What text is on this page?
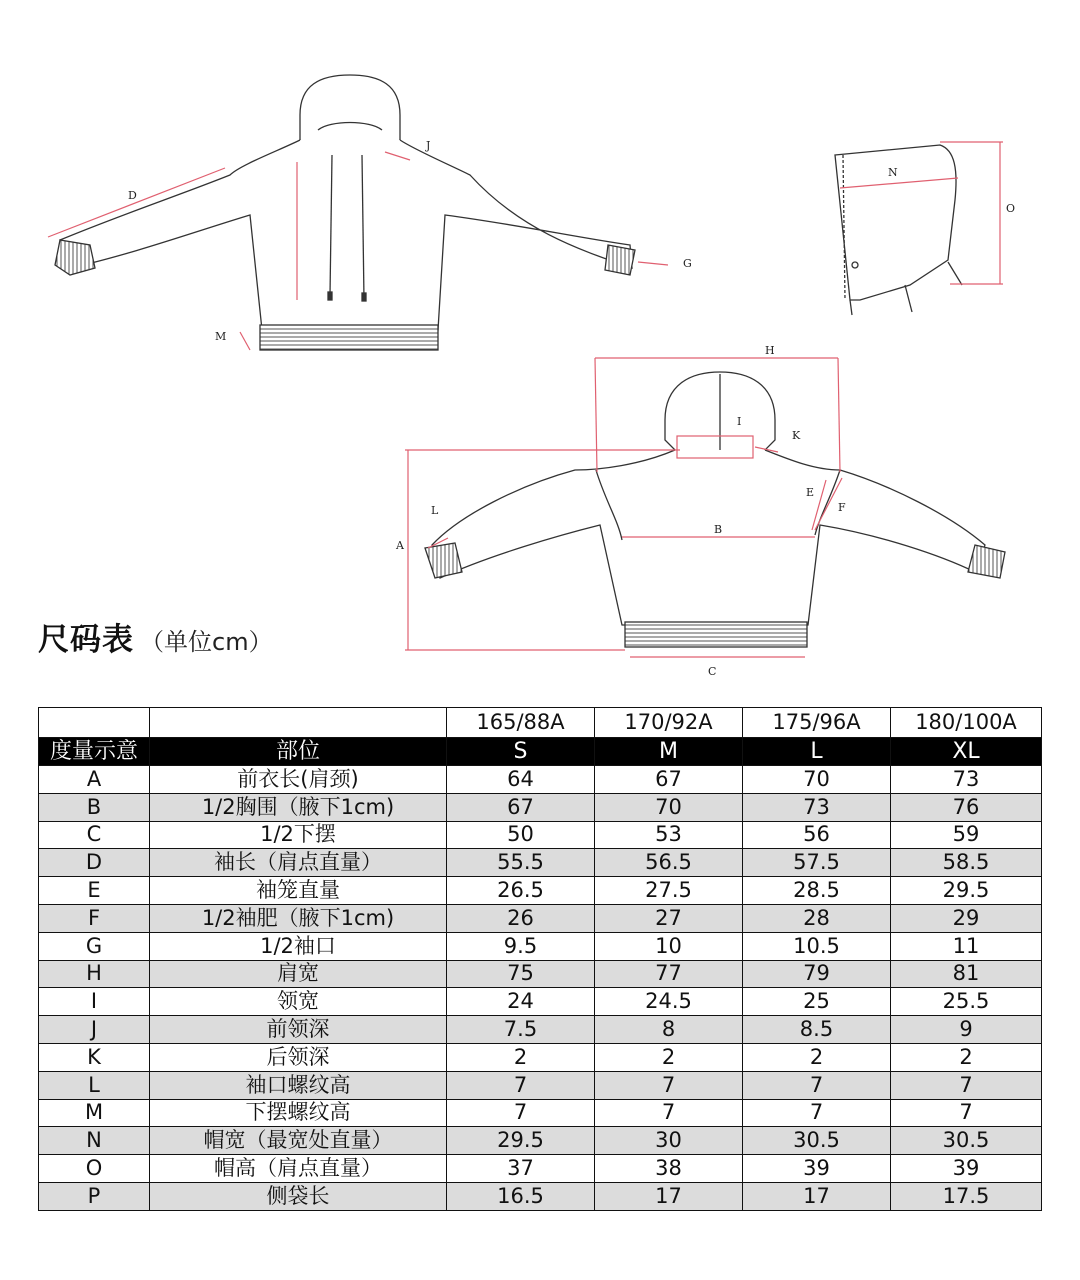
D
J
G
M
N
O
H
I
K
E
F
B
L
A
C
尺码表 （单位cm）
		165/88A	170/92A	175/96A	180/100A
度量示意	部位	S	M	L	XL
A	前衣长(肩颈)	64	67	70	73
B	1/2胸围（腋下1cm)	67	70	73	76
C	1/2下摆	50	53	56	59
D	袖长（肩点直量）	55.5	56.5	57.5	58.5
E	袖笼直量	26.5	27.5	28.5	29.5
F	1/2袖肥（腋下1cm)	26	27	28	29
G	1/2袖口	9.5	10	10.5	11
H	肩宽	75	77	79	81
I	领宽	24	24.5	25	25.5
J	前领深	7.5	8	8.5	9
K	后领深	2	2	2	2
L	袖口螺纹高	7	7	7	7
M	下摆螺纹高	7	7	7	7
N	帽宽（最宽处直量）	29.5	30	30.5	30.5
O	帽高（肩点直量）	37	38	39	39
P	侧袋长	16.5	17	17	17.5
